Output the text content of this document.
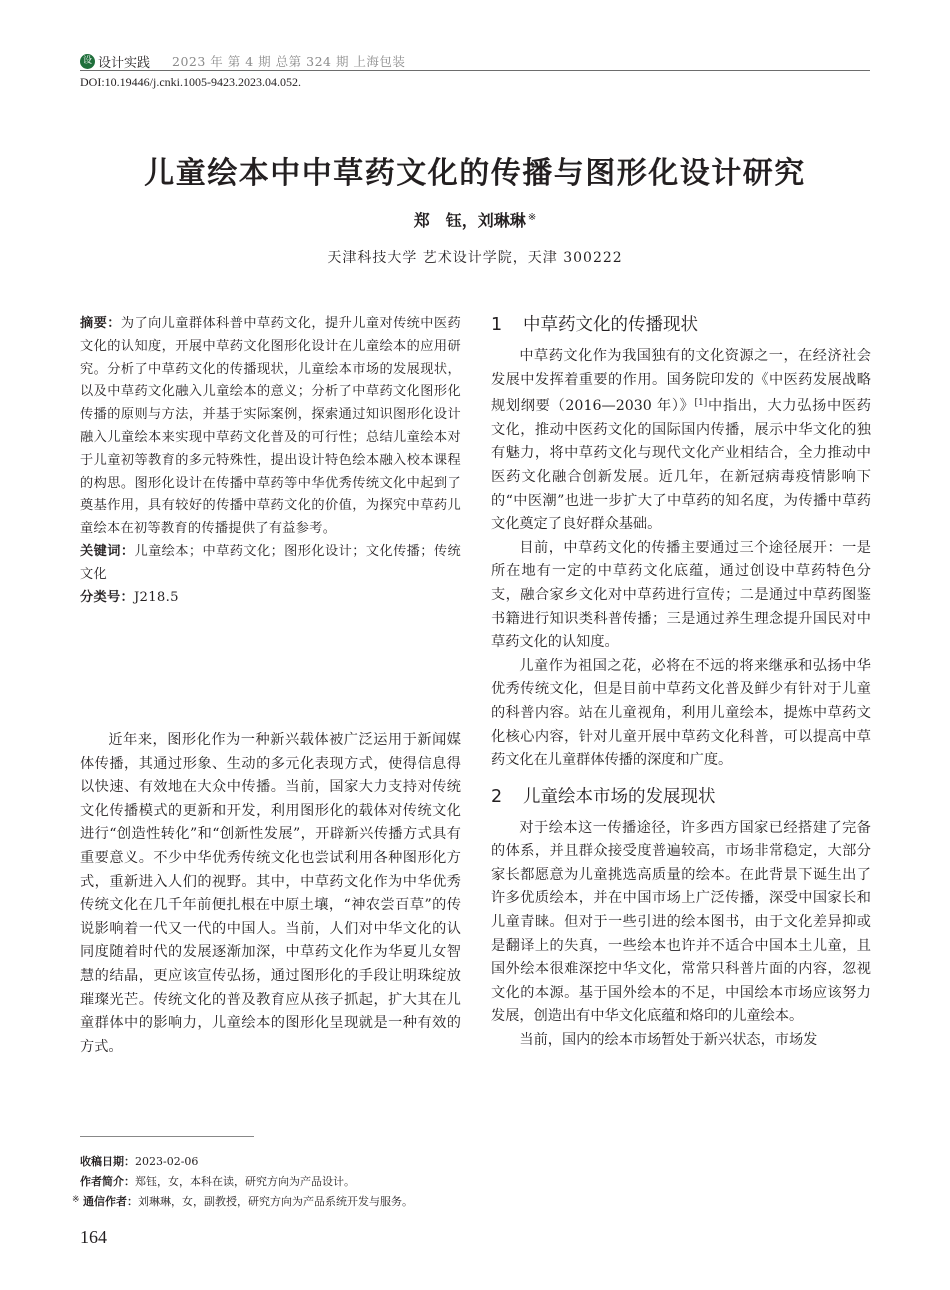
设 设计实践 2023 年 第 4 期 总第 324 期 上海包装
DOI:10.19446/j.cnki.1005-9423.2023.04.052.
儿童绘本中中草药文化的传播与图形化设计研究
郑　钰，刘琳琳 ※
天津科技大学 艺术设计学院，天津 300222

摘要：为了向儿童群体科普中草药文化，提升儿童对传统中医药文化的认知度，开展中草药文化图形化设计在儿童绘本的应用研究。分析了中草药文化的传播现状，儿童绘本市场的发展现状，以及中草药文化融入儿童绘本的意义；分析了中草药文化图形化传播的原则与方法，并基于实际案例，探索通过知识图形化设计融入儿童绘本来实现中草药文化普及的可行性；总结儿童绘本对于儿童初等教育的多元特殊性，提出设计特色绘本融入校本课程的构思。图形化设计在传播中草药等中华优秀传统文化中起到了奠基作用，具有较好的传播中草药文化的价值，为探究中草药儿童绘本在初等教育的传播提供了有益参考。

关键词：儿童绘本；中草药文化；图形化设计；文化传播；传统文化

分类号：J218.5

近年来，图形化作为一种新兴载体被广泛运用于新闻媒体传播，其通过形象、生动的多元化表现方式，使得信息得以快速、有效地在大众中传播。当前，国家大力支持对传统文化传播模式的更新和开发，利用图形化的载体对传统文化进行“创造性转化”和“创新性发展”，开辟新兴传播方式具有重要意义。不少中华优秀传统文化也尝试利用各种图形化方式，重新进入人们的视野。其中，中草药文化作为中华优秀传统文化在几千年前便扎根在中原土壤，“神农尝百草”的传说影响着一代又一代的中国人。当前，人们对中华文化的认同度随着时代的发展逐渐加深，中草药文化作为华夏儿女智慧的结晶，更应该宣传弘扬，通过图形化的手段让明珠绽放璀璨光芒。传统文化的普及教育应从孩子抓起，扩大其在儿童群体中的影响力，儿童绘本的图形化呈现就是一种有效的方式。

收稿日期：2023-02-06

作者简介：郑钰，女，本科在读，研究方向为产品设计。

※ 通信作者：刘琳琳，女，副教授，研究方向为产品系统开发与服务。

164
1 中草药文化的传播现状

中草药文化作为我国独有的文化资源之一，在经济社会发展中发挥着重要的作用。国务院印发的《中医药发展战略规划纲要（2016—2030 年）》[1]中指出，大力弘扬中医药文化，推动中医药文化的国际国内传播，展示中华文化的独有魅力，将中草药文化与现代文化产业相结合，全力推动中医药文化融合创新发展。近几年，在新冠病毒疫情影响下的“中医潮”也进一步扩大了中草药的知名度，为传播中草药文化奠定了良好群众基础。

目前，中草药文化的传播主要通过三个途径展开：一是所在地有一定的中草药文化底蕴，通过创设中草药特色分支，融合家乡文化对中草药进行宣传；二是通过中草药图鉴书籍进行知识类科普传播；三是通过养生理念提升国民对中草药文化的认知度。

儿童作为祖国之花，必将在不远的将来继承和弘扬中华优秀传统文化，但是目前中草药文化普及鲜少有针对于儿童的科普内容。站在儿童视角，利用儿童绘本，提炼中草药文化核心内容，针对儿童开展中草药文化科普，可以提高中草药文化在儿童群体传播的深度和广度。

2 儿童绘本市场的发展现状

对于绘本这一传播途径，许多西方国家已经搭建了完备的体系，并且群众接受度普遍较高，市场非常稳定，大部分家长都愿意为儿童挑选高质量的绘本。在此背景下诞生出了许多优质绘本，并在中国市场上广泛传播，深受中国家长和儿童青睐。但对于一些引进的绘本图书，由于文化差异抑或是翻译上的失真，一些绘本也许并不适合中国本土儿童，且国外绘本很难深挖中华文化，常常只科普片面的内容，忽视文化的本源。基于国外绘本的不足，中国绘本市场应该努力发展，创造出有中华文化底蕴和烙印的儿童绘本。

当前，国内的绘本市场暂处于新兴状态，市场发
